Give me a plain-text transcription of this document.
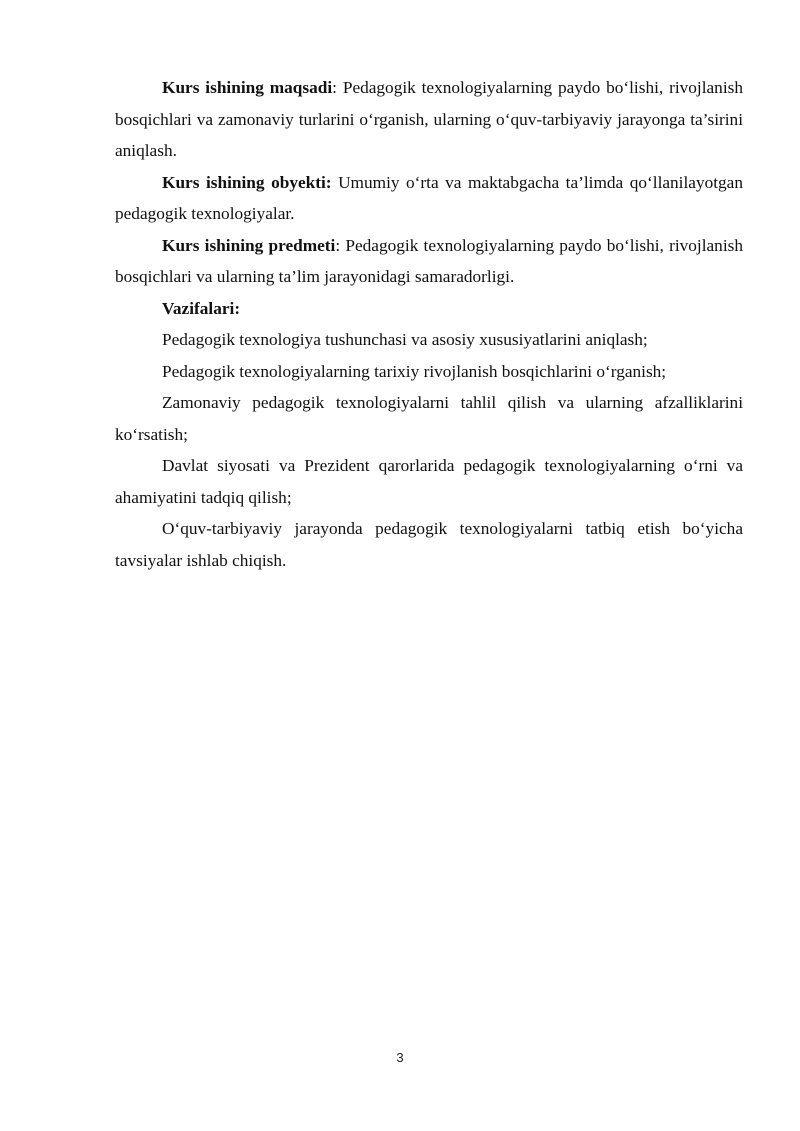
Kurs ishining maqsadi: Pedagogik texnologiyalarning paydo bo‘lishi, rivojlanish bosqichlari va zamonaviy turlarini o‘rganish, ularning o‘quv-tarbiyaviy jarayonga ta’sirini aniqlash.

Kurs ishining obyekti: Umumiy o‘rta va maktabgacha ta’limda qo‘llanilayotgan pedagogik texnologiyalar.

Kurs ishining predmeti: Pedagogik texnologiyalarning paydo bo‘lishi, rivojlanish bosqichlari va ularning ta’lim jarayonidagi samaradorligi.

Vazifalari:

Pedagogik texnologiya tushunchasi va asosiy xususiyatlarini aniqlash;

Pedagogik texnologiyalarning tarixiy rivojlanish bosqichlarini o‘rganish;

Zamonaviy pedagogik texnologiyalarni tahlil qilish va ularning afzalliklarini ko‘rsatish;

Davlat siyosati va Prezident qarorlarida pedagogik texnologiyalarning o‘rni va ahamiyatini tadqiq qilish;

O‘quv-tarbiyaviy jarayonda pedagogik texnologiyalarni tatbiq etish bo‘yicha tavsiyalar ishlab chiqish.

3
